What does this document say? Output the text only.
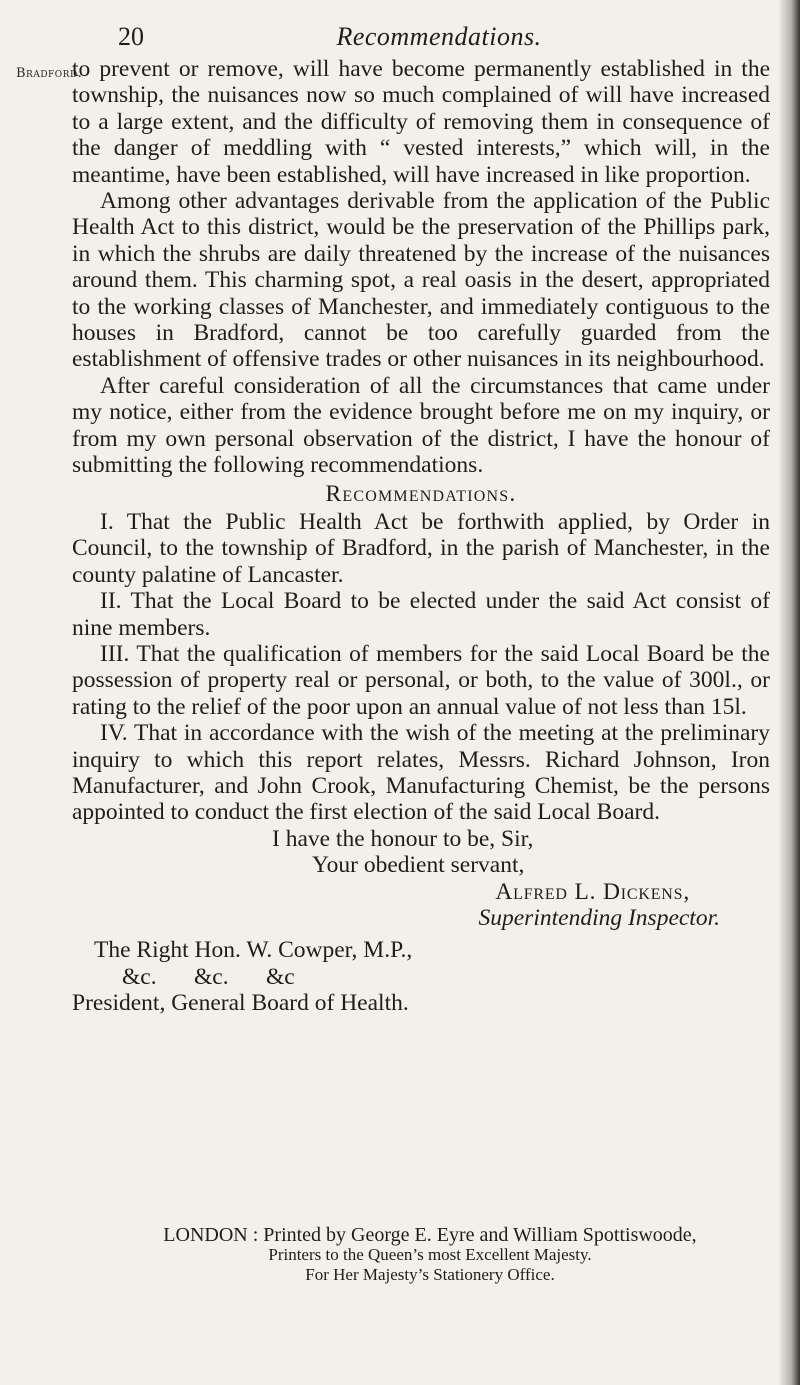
20	Recommendations.
Bradford.

to prevent or remove, will have become permanently established in the township, the nuisances now so much complained of will have increased to a large extent, and the difficulty of removing them in consequence of the danger of meddling with “ vested interests,” which will, in the meantime, have been established, will have increased in like proportion.

Among other advantages derivable from the application of the Public Health Act to this district, would be the preservation of the Phillips park, in which the shrubs are daily threatened by the increase of the nuisances around them. This charming spot, a real oasis in the desert, appropriated to the working classes of Manchester, and immediately contiguous to the houses in Bradford, cannot be too carefully guarded from the establishment of offensive trades or other nuisances in its neighbourhood.

After careful consideration of all the circumstances that came under my notice, either from the evidence brought before me on my inquiry, or from my own personal observation of the district, I have the honour of submitting the following recommendations.

Recommendations.

I. That the Public Health Act be forthwith applied, by Order in Council, to the township of Bradford, in the parish of Manchester, in the county palatine of Lancaster.

II. That the Local Board to be elected under the said Act consist of nine members.

III. That the qualification of members for the said Local Board be the possession of property real or personal, or both, to the value of 300l., or rating to the relief of the poor upon an annual value of not less than 15l.

IV. That in accordance with the wish of the meeting at the preliminary inquiry to which this report relates, Messrs. Richard Johnson, Iron Manufacturer, and John Crook, Manufacturing Chemist, be the persons appointed to conduct the first election of the said Local Board.

I have the honour to be, Sir,

Your obedient servant,

Alfred L. Dickens,

Superintending Inspector.

The Right Hon. W. Cowper, M.P.,

&c. &c. &c

President, General Board of Health.

LONDON : Printed by George E. Eyre and William Spottiswoode,
Printers to the Queen’s most Excellent Majesty.
For Her Majesty’s Stationery Office.
